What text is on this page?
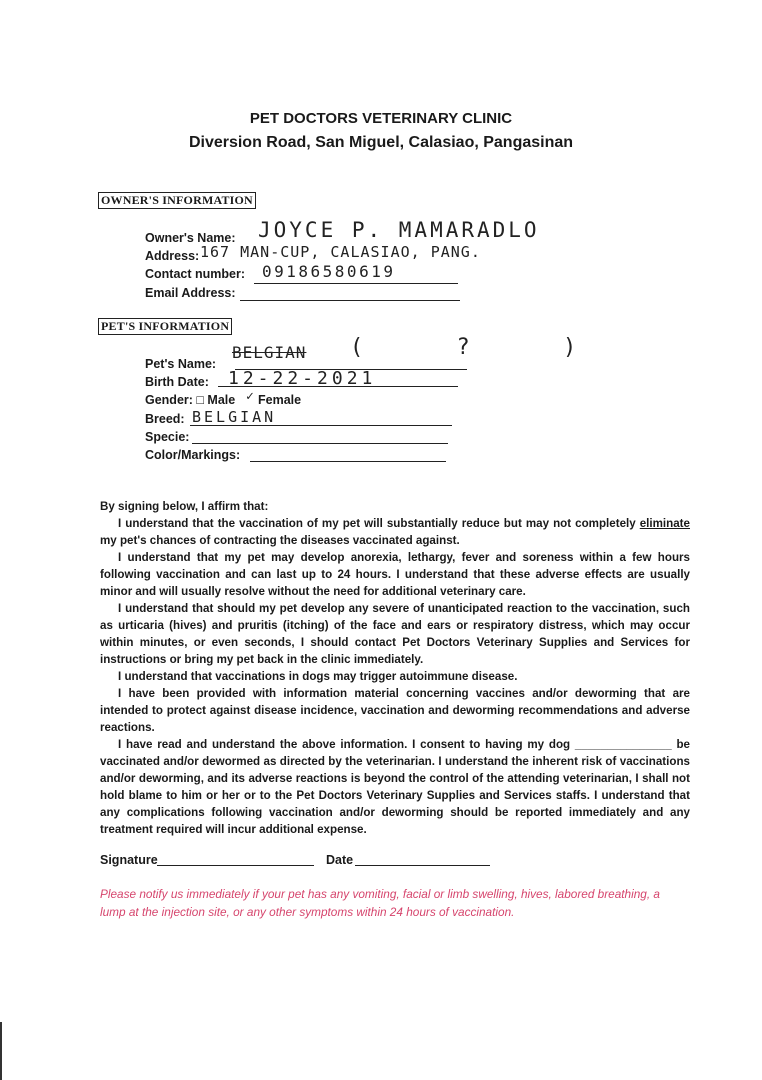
PET DOCTORS VETERINARY CLINIC
Diversion Road, San Miguel, Calasiao, Pangasinan
OWNER'S INFORMATION
Owner's Name: JOYCE P. MAMARADLO
Address: 167 MAN-CUP, CALASIAO, PANG.
Contact number: 09186580619
Email Address:
PET'S INFORMATION
Pet's Name:
BELGIAN ( ? )
Birth Date: 12-22-2021
Gender: □ Male ✓ Female
Breed: BELGIAN
Specie:
Color/Markings:

By signing below, I affirm that:

I understand that the vaccination of my pet will substantially reduce but may not completely eliminate my pet's chances of contracting the diseases vaccinated against.

I understand that my pet may develop anorexia, lethargy, fever and soreness within a few hours following vaccination and can last up to 24 hours. I understand that these adverse effects are usually minor and will usually resolve without the need for additional veterinary care.

I understand that should my pet develop any severe of unanticipated reaction to the vaccination, such as urticaria (hives) and pruritis (itching) of the face and ears or respiratory distress, which may occur within minutes, or even seconds, I should contact Pet Doctors Veterinary Supplies and Services for instructions or bring my pet back in the clinic immediately.

I understand that vaccinations in dogs may trigger autoimmune disease.

I have been provided with information material concerning vaccines and/or deworming that are intended to protect against disease incidence, vaccination and deworming recommendations and adverse reactions.

I have read and understand the above information. I consent to having my dog _______________ be vaccinated and/or dewormed as directed by the veterinarian. I understand the inherent risk of vaccinations and/or deworming, and its adverse reactions is beyond the control of the attending veterinarian, I shall not hold blame to him or her or to the Pet Doctors Veterinary Supplies and Services staffs. I understand that any complications following vaccination and/or deworming should be reported immediately and any treatment required will incur additional expense.

Signature	Date
Please notify us immediately if your pet has any vomiting, facial or limb swelling, hives, labored breathing, a lump at the injection site, or any other symptoms within 24 hours of vaccination.
